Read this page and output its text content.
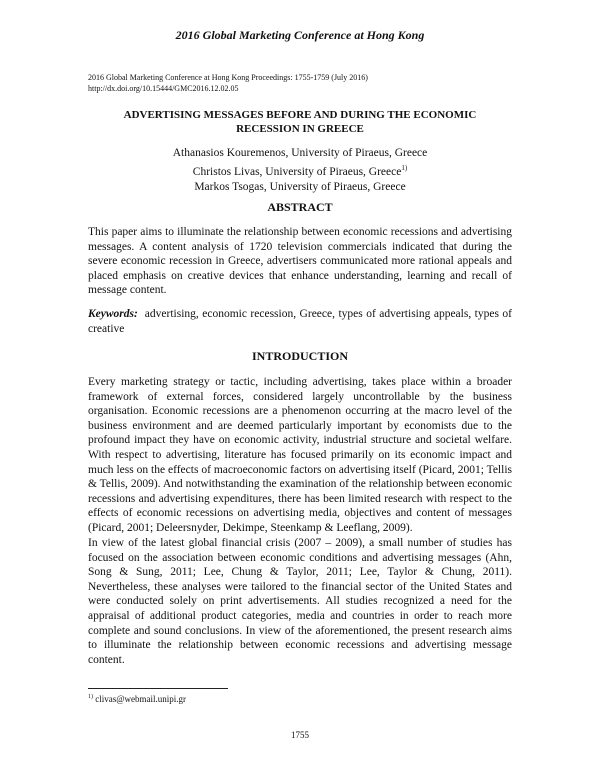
2016 Global Marketing Conference at Hong Kong
2016 Global Marketing Conference at Hong Kong Proceedings: 1755-1759 (July 2016)
http://dx.doi.org/10.15444/GMC2016.12.02.05
ADVERTISING MESSAGES BEFORE AND DURING THE ECONOMIC
RECESSION IN GREECE
Athanasios Kouremenos, University of Piraeus, Greece
Christos Livas, University of Piraeus, Greece$^{1)}$
Markos Tsogas, University of Piraeus, Greece
ABSTRACT

This paper aims to illuminate the relationship between economic recessions and advertising messages. A content analysis of 1720 television commercials indicated that during the severe economic recession in Greece, advertisers communicated more rational appeals and placed emphasis on creative devices that enhance understanding, learning and recall of message content.

Keywords: advertising, economic recession, Greece, types of advertising appeals, types of creative

INTRODUCTION

Every marketing strategy or tactic, including advertising, takes place within a broader framework of external forces, considered largely uncontrollable by the business organisation. Economic recessions are a phenomenon occurring at the macro level of the business environment and are deemed particularly important by economists due to the profound impact they have on economic activity, industrial structure and societal welfare. With respect to advertising, literature has focused primarily on its economic impact and much less on the effects of macroeconomic factors on advertising itself (Picard, 2001; Tellis & Tellis, 2009). And notwithstanding the examination of the relationship between economic recessions and advertising expenditures, there has been limited research with respect to the effects of economic recessions on advertising media, objectives and content of messages (Picard, 2001; Deleersnyder, Dekimpe, Steenkamp & Leeflang, 2009).

In view of the latest global financial crisis (2007 – 2009), a small number of studies has focused on the association between economic conditions and advertising messages (Ahn, Song & Sung, 2011; Lee, Chung & Taylor, 2011; Lee, Taylor & Chung, 2011). Nevertheless, these analyses were tailored to the financial sector of the United States and were conducted solely on print advertisements. All studies recognized a need for the appraisal of additional product categories, media and countries in order to reach more complete and sound conclusions. In view of the aforementioned, the present research aims to illuminate the relationship between economic recessions and advertising message content.

$^{1)}$ clivas@webmail.unipi.gr
1755
